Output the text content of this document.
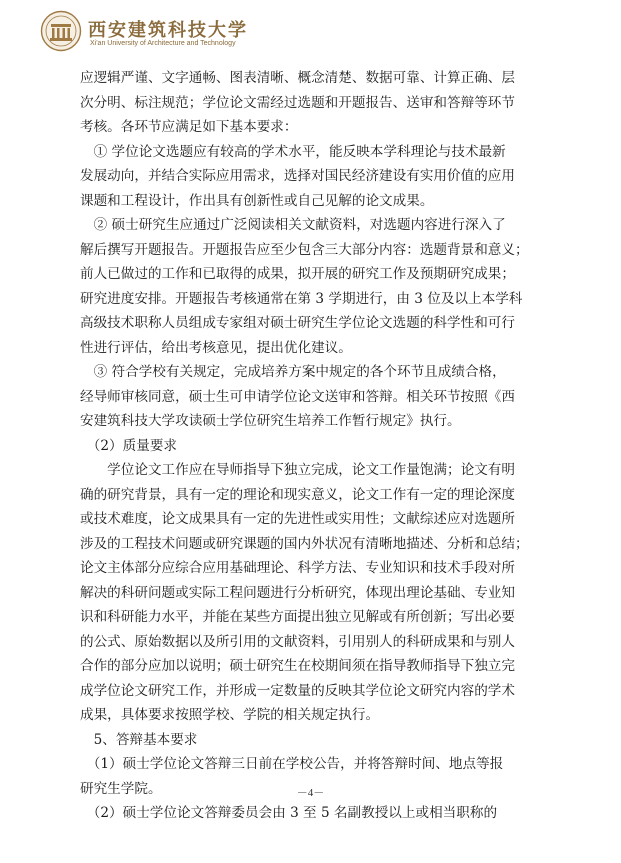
西安建筑科技大学
Xi'an University of Architecture and Technology
应逻辑严谨、文字通畅、图表清晰、概念清楚、数据可靠、计算正确、层
次分明、标注规范；学位论文需经过选题和开题报告、送审和答辩等环节
考核。各环节应满足如下基本要求：
　① 学位论文选题应有较高的学术水平，能反映本学科理论与技术最新
发展动向，并结合实际应用需求，选择对国民经济建设有实用价值的应用
课题和工程设计，作出具有创新性或自己见解的论文成果。
　② 硕士研究生应通过广泛阅读相关文献资料，对选题内容进行深入了
解后撰写开题报告。开题报告应至少包含三大部分内容：选题背景和意义；
前人已做过的工作和已取得的成果，拟开展的研究工作及预期研究成果；
研究进度安排。开题报告考核通常在第 3 学期进行，由 3 位及以上本学科
高级技术职称人员组成专家组对硕士研究生学位论文选题的科学性和可行
性进行评估，给出考核意见，提出优化建议。
　③ 符合学校有关规定，完成培养方案中规定的各个环节且成绩合格，
经导师审核同意，硕士生可申请学位论文送审和答辩。相关环节按照《西
安建筑科技大学攻读硕士学位研究生培养工作暂行规定》执行。
　（2）质量要求
　　学位论文工作应在导师指导下独立完成，论文工作量饱满；论文有明
确的研究背景，具有一定的理论和现实意义，论文工作有一定的理论深度
或技术难度，论文成果具有一定的先进性或实用性；文献综述应对选题所
涉及的工程技术问题或研究课题的国内外状况有清晰地描述、分析和总结；
论文主体部分应综合应用基础理论、科学方法、专业知识和技术手段对所
解决的科研问题或实际工程问题进行分析研究，体现出理论基础、专业知
识和科研能力水平，并能在某些方面提出独立见解或有所创新；写出必要
的公式、原始数据以及所引用的文献资料，引用别人的科研成果和与别人
合作的部分应加以说明；硕士研究生在校期间须在指导教师指导下独立完
成学位论文研究工作，并形成一定数量的反映其学位论文研究内容的学术
成果，具体要求按照学校、学院的相关规定执行。
　5、答辩基本要求
　（1）硕士学位论文答辩三日前在学校公告，并将答辩时间、地点等报
研究生学院。
　（2）硕士学位论文答辩委员会由 3 至 5 名副教授以上或相当职称的
－4－
